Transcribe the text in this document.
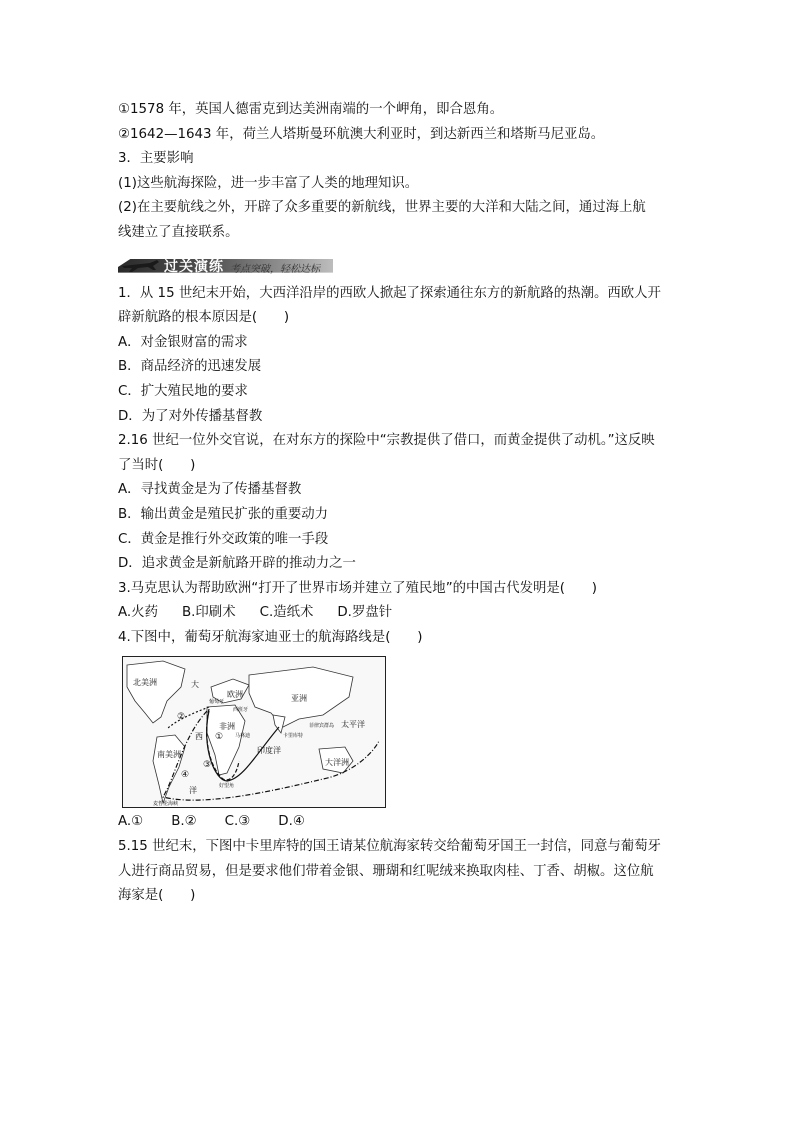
①1578 年，英国人德雷克到达美洲南端的一个岬角，即合恩角。
②1642—1643 年，荷兰人塔斯曼环航澳大利亚时，到达新西兰和塔斯马尼亚岛。
3．主要影响
(1)这些航海探险，进一步丰富了人类的地理知识。
(2)在主要航线之外，开辟了众多重要的新航线，世界主要的大洋和大陆之间，通过海上航
线建立了直接联系。
过关演练 考点突破，轻松达标
1．从 15 世纪末开始，大西洋沿岸的西欧人掀起了探索通往东方的新航路的热潮。西欧人开
辟新航路的根本原因是(　　)
A．对金银财富的需求
B．商品经济的迅速发展
C．扩大殖民地的要求
D．为了对外传播基督教
2.16 世纪一位外交官说，在对东方的探险中“宗教提供了借口，而黄金提供了动机。”这反映
了当时(　　)
A．寻找黄金是为了传播基督教
B．输出黄金是殖民扩张的重要动力
C．黄金是推行外交政策的唯一手段
D．追求黄金是新航路开辟的推动力之一
3.马克思认为帮助欧洲“打开了世界市场并建立了殖民地”的中国古代发明是(　　)
A.火药 B.印刷术 C.造纸术 D.罗盘针
4.下图中，葡萄牙航海家迪亚士的航海路线是(　　)
①
②
③
④
北美洲	大
欧洲	亚洲
非洲
南美洲
西
洋
印度洋
太平洋
大洋洲
葡萄牙
西班牙
卡里库特
好望角
麦哲伦海峡
菲律宾群岛
马林迪
A.① B.② C.③ D.④
5.15 世纪末，下图中卡里库特的国王请某位航海家转交给葡萄牙国王一封信，同意与葡萄牙
人进行商品贸易，但是要求他们带着金银、珊瑚和红呢绒来换取肉桂、丁香、胡椒。这位航
海家是(　　)
